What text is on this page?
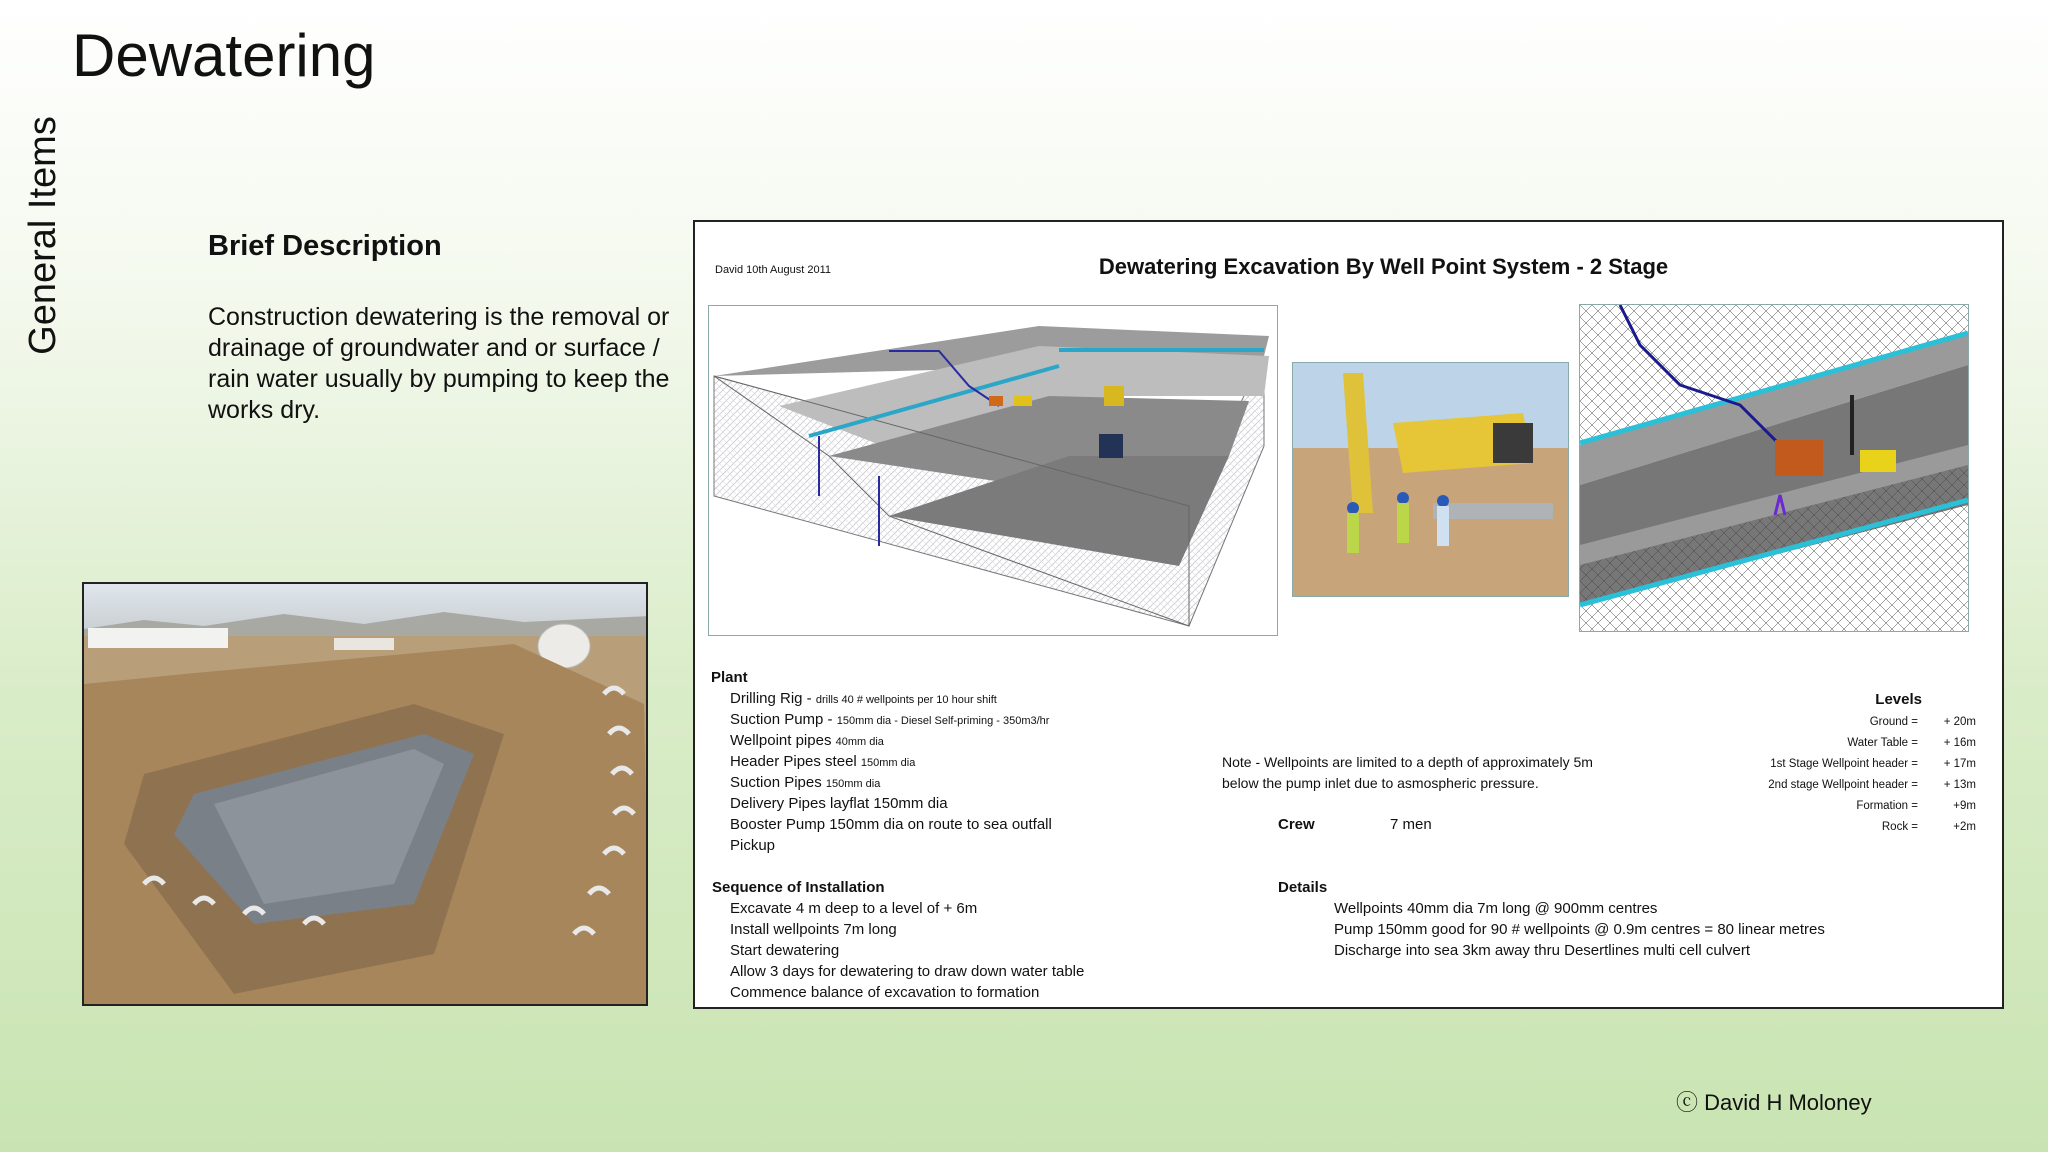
Dewatering
General Items	Brief Description
Construction dewatering is the removal or drainage of groundwater and or surface / rain water usually by pumping to keep the works dry.
David 10th August 2011	Dewatering Excavation By Well Point System - 2 Stage
Plant
Drilling Rig - drills 40 # wellpoints per 10 hour shift
Suction Pump - 150mm dia - Diesel Self-priming - 350m3/hr
Wellpoint pipes 40mm dia
Header Pipes steel 150mm dia
Suction Pipes 150mm dia
Delivery Pipes layflat 150mm dia
Booster Pump 150mm dia on route to sea outfall
Pickup
Note - Wellpoints are limited to a depth of approximately 5m
below the pump inlet due to asmospheric pressure.
Crew	7 men
Levels
Ground =	+ 20m
Water Table =	+ 16m
1st Stage Wellpoint header =	+ 17m
2nd stage Wellpoint header =	+ 13m
Formation =	+9m
Rock =	+2m
Sequence of Installation
Excavate 4 m deep to a level of + 6m
Install wellpoints 7m long
Start dewatering
Allow 3 days for dewatering to draw down water table
Commence balance of excavation to formation
Details
Wellpoints 40mm dia 7m long @ 900mm centres
Pump 150mm good for 90 # wellpoints @ 0.9m centres = 80 linear metres
Discharge into sea 3km away thru Desertlines multi cell culvert
ⓒ David H Moloney
